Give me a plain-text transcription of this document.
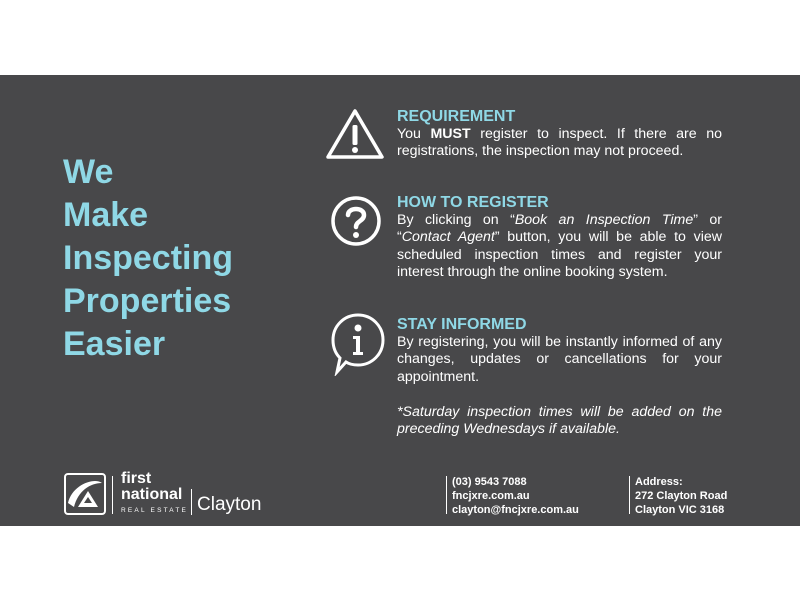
We
Make
Inspecting
Properties
Easier
REQUIREMENT
You MUST register to inspect. If there are no registrations, the inspection may not proceed.
HOW TO REGISTER
By clicking on “Book an Inspection Time” or “Contact Agent” button, you will be able to view scheduled inspection times and register your interest through the online booking system.
STAY INFORMED
By registering, you will be instantly informed of any changes, updates or cancellations for your appointment.
*Saturday inspection times will be added on the preceding Wednesdays if available.
first
national
REAL ESTATE Clayton
(03) 9543 7088
fncjxre.com.au
clayton@fncjxre.com.au
Address:
272 Clayton Road
Clayton VIC 3168
